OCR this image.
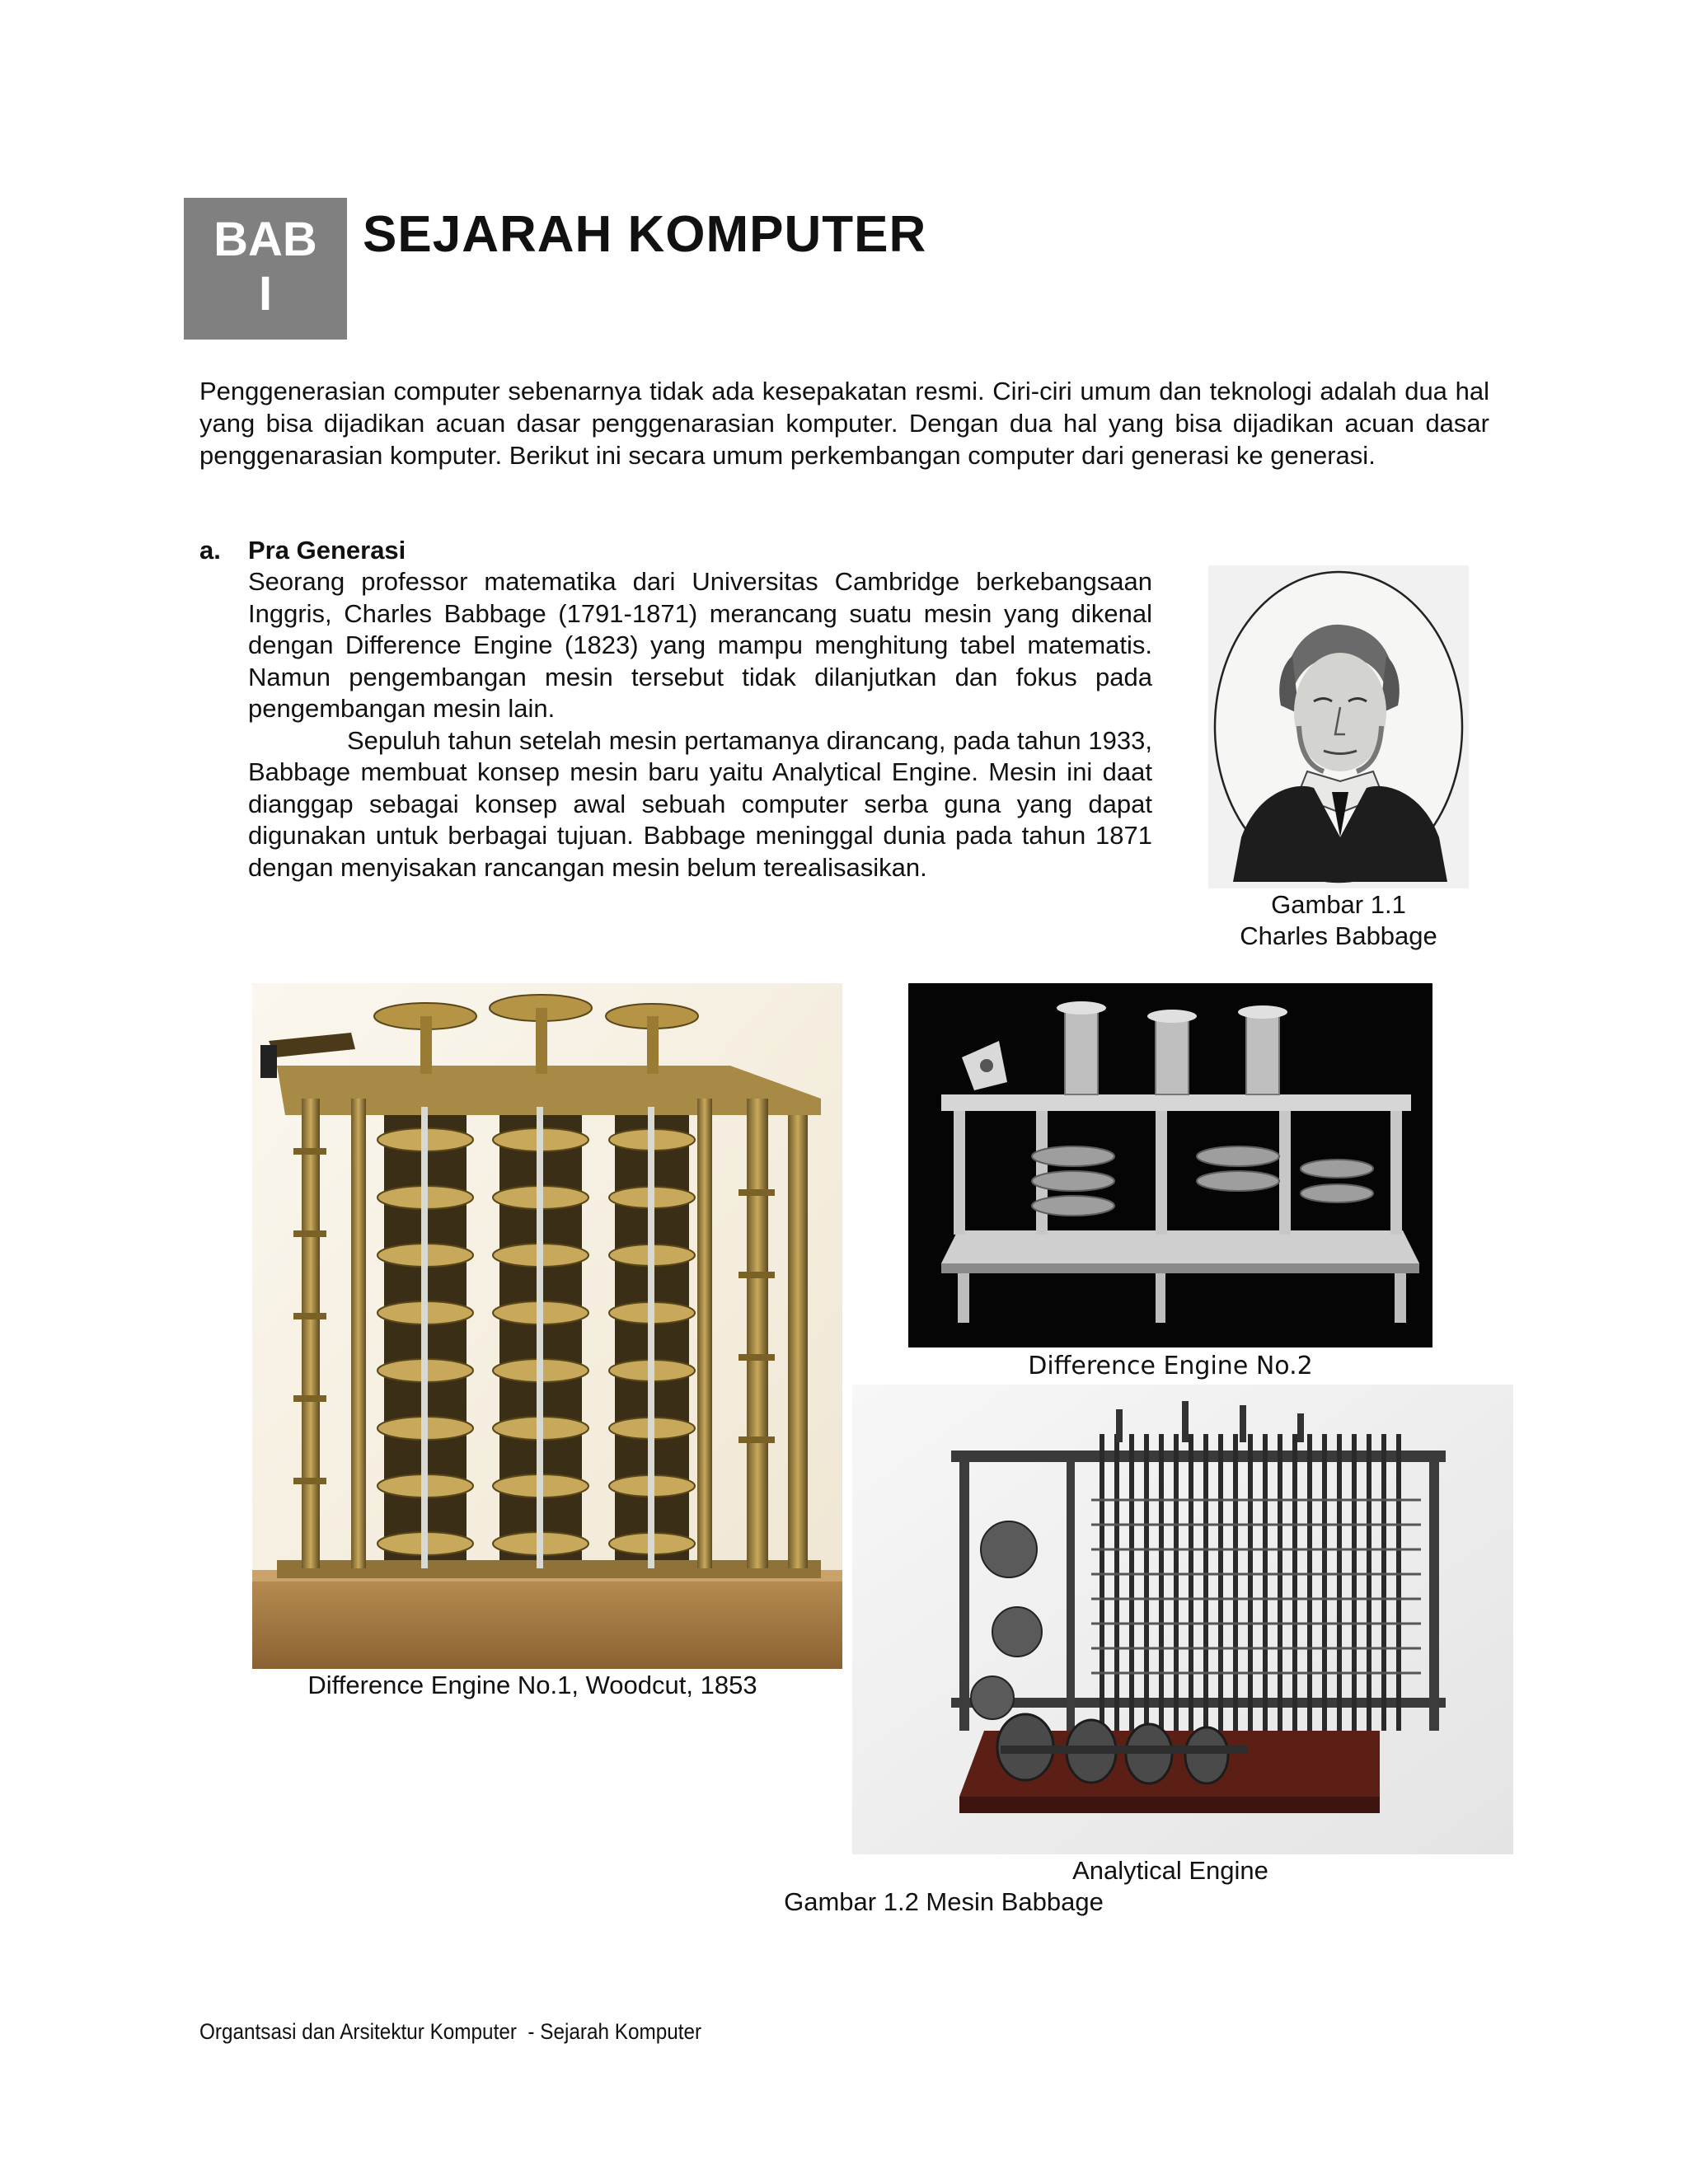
BAB
I
SEJARAH KOMPUTER
Penggenerasian computer sebenarnya tidak ada kesepakatan resmi. Ciri-ciri umum dan teknologi adalah dua hal yang bisa dijadikan acuan dasar penggenarasian komputer. Dengan dua hal yang bisa dijadikan acuan dasar penggenarasian komputer. Berikut ini secara umum perkembangan computer dari generasi ke generasi.
a. Pra Generasi

Seorang professor matematika dari Universitas Cambridge berkebangsaan Inggris, Charles Babbage (1791-1871) merancang suatu mesin yang dikenal dengan Difference Engine (1823) yang mampu menghitung tabel matematis. Namun pengembangan mesin tersebut tidak dilanjutkan dan fokus pada pengembangan mesin lain.

Sepuluh tahun setelah mesin pertamanya dirancang, pada tahun 1933, Babbage membuat konsep mesin baru yaitu Analytical Engine. Mesin ini daat dianggap sebagai konsep awal sebuah computer serba guna yang dapat digunakan untuk berbagai tujuan. Babbage meninggal dunia pada tahun 1871 dengan menyisakan rancangan mesin belum terealisasikan.

Gambar 1.1
Charles Babbage
Difference Engine No.1, Woodcut, 1853
Difference Engine No.2
Analytical Engine
Gambar 1.2 Mesin Babbage
Organtsasi dan Arsitektur Komputer  - Sejarah Komputer
